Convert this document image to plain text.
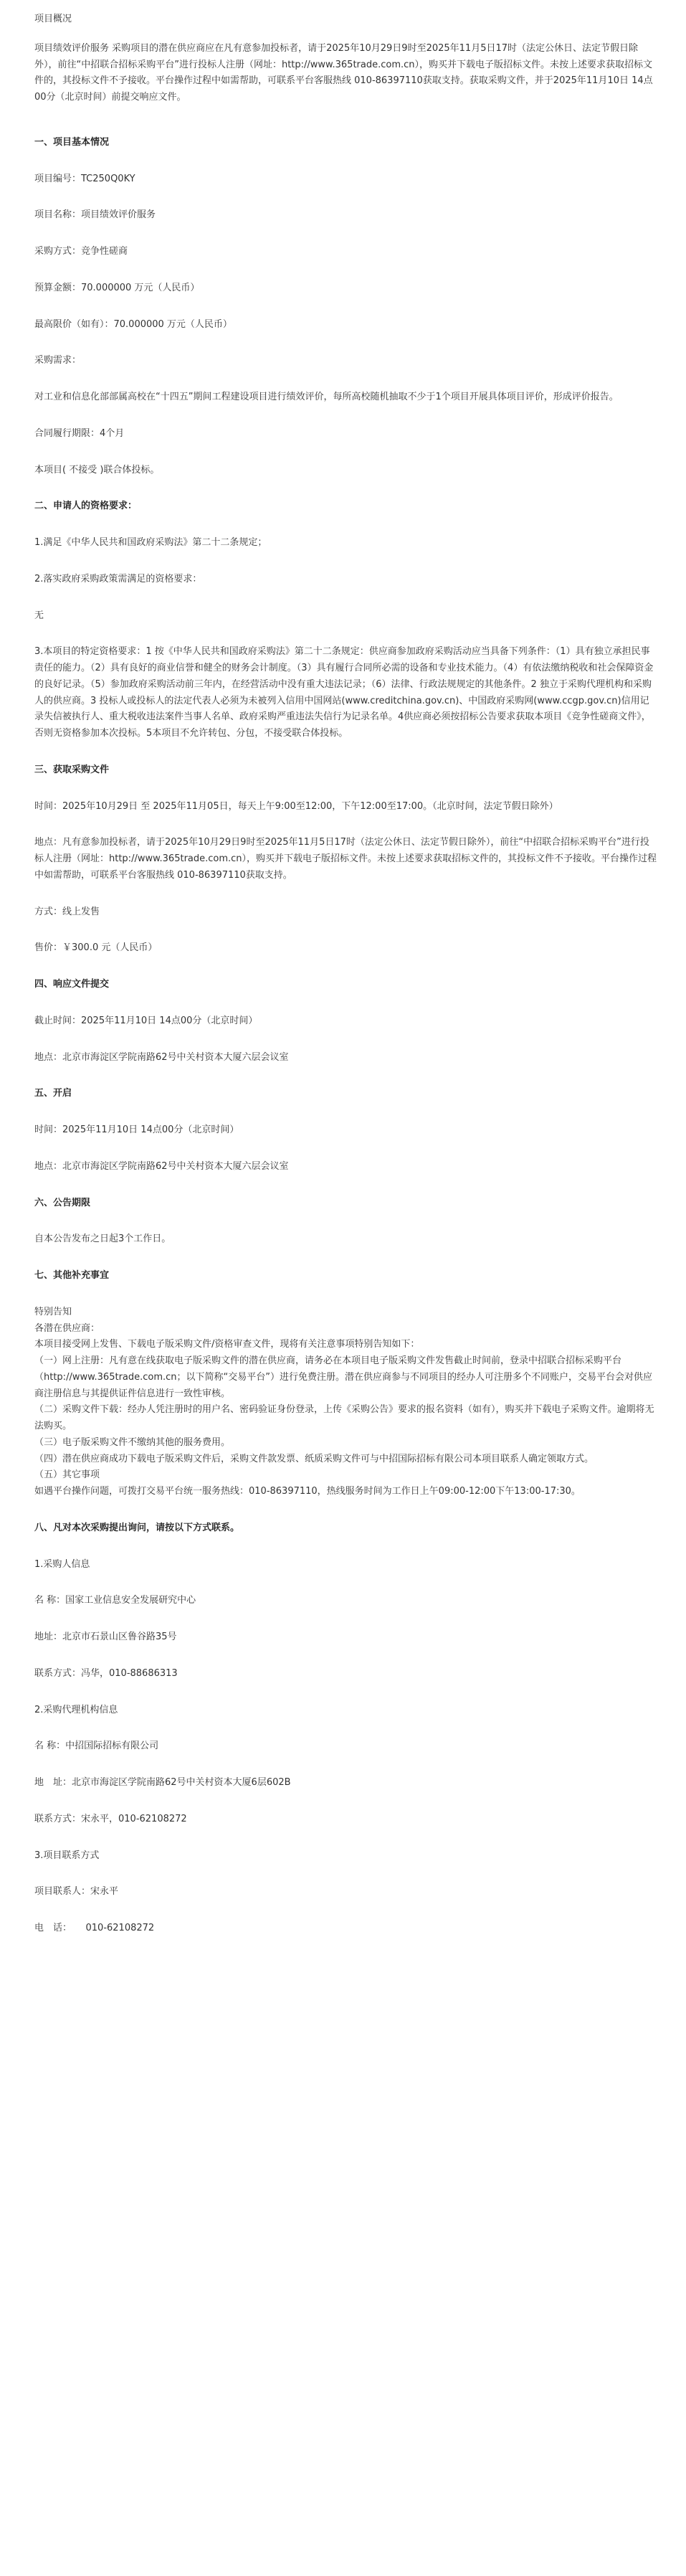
项目概况

项目绩效评价服务 采购项目的潜在供应商应在凡有意参加投标者，请于2025年10月29日9时至2025年11月5日17时（法定公休日、法定节假日除外），前往“中招联合招标采购平台”进行投标人注册（网址：http://www.365trade.com.cn），购买并下载电子版招标文件。未按上述要求获取招标文件的，其投标文件不予接收。平台操作过程中如需帮助，可联系平台客服热线 010-86397110获取支持。获取采购文件，并于2025年11月10日 14点00分（北京时间）前提交响应文件。

一、项目基本情况

项目编号：TC250Q0KY

项目名称：项目绩效评价服务

采购方式：竞争性磋商

预算金额：70.000000 万元（人民币）

最高限价（如有）：70.000000 万元（人民币）

采购需求：

对工业和信息化部部属高校在“十四五”期间工程建设项目进行绩效评价，每所高校随机抽取不少于1个项目开展具体项目评价，形成评价报告。

合同履行期限：4个月

本项目( 不接受 )联合体投标。

二、申请人的资格要求：

1.满足《中华人民共和国政府采购法》第二十二条规定；

2.落实政府采购政策需满足的资格要求：

无

3.本项目的特定资格要求：1 按《中华人民共和国政府采购法》第二十二条规定：供应商参加政府采购活动应当具备下列条件：（1）具有独立承担民事责任的能力。（2）具有良好的商业信誉和健全的财务会计制度。（3）具有履行合同所必需的设备和专业技术能力。（4）有依法缴纳税收和社会保障资金的良好记录。（5）参加政府采购活动前三年内，在经营活动中没有重大违法记录；（6）法律、行政法规规定的其他条件。2 独立于采购代理机构和采购人的供应商。3 投标人或投标人的法定代表人必须为未被列入信用中国网站(www.creditchina.gov.cn)、中国政府采购网(www.ccgp.gov.cn)信用记录失信被执行人、重大税收违法案件当事人名单、政府采购严重违法失信行为记录名单。4供应商必须按招标公告要求获取本项目《竞争性磋商文件》，否则无资格参加本次投标。5本项目不允许转包、分包，不接受联合体投标。

三、获取采购文件

时间：2025年10月29日 至 2025年11月05日，每天上午9:00至12:00，下午12:00至17:00。（北京时间，法定节假日除外）

地点：凡有意参加投标者，请于2025年10月29日9时至2025年11月5日17时（法定公休日、法定节假日除外），前往“中招联合招标采购平台”进行投标人注册（网址：http://www.365trade.com.cn），购买并下载电子版招标文件。未按上述要求获取招标文件的，其投标文件不予接收。平台操作过程中如需帮助，可联系平台客服热线 010-86397110获取支持。

方式：线上发售

售价：￥300.0 元（人民币）

四、响应文件提交

截止时间：2025年11月10日 14点00分（北京时间）

地点：北京市海淀区学院南路62号中关村资本大厦六层会议室

五、开启

时间：2025年11月10日 14点00分（北京时间）

地点：北京市海淀区学院南路62号中关村资本大厦六层会议室

六、公告期限

自本公告发布之日起3个工作日。

七、其他补充事宜

特别告知

各潜在供应商：

本项目接受网上发售、下载电子版采购文件/资格审查文件，现将有关注意事项特别告知如下：

（一）网上注册：凡有意在线获取电子版采购文件的潜在供应商，请务必在本项目电子版采购文件发售截止时间前，登录中招联合招标采购平台（http://www.365trade.com.cn；以下简称“交易平台”）进行免费注册。潜在供应商参与不同项目的经办人可注册多个不同账户，交易平台会对供应商注册信息与其提供证件信息进行一致性审核。

（二）采购文件下载：经办人凭注册时的用户名、密码验证身份登录，上传《采购公告》要求的报名资料（如有），购买并下载电子采购文件。逾期将无法购买。

（三）电子版采购文件不缴纳其他的服务费用。

（四）潜在供应商成功下载电子版采购文件后，采购文件款发票、纸质采购文件可与中招国际招标有限公司本项目联系人确定领取方式。

（五）其它事项

如遇平台操作问题，可拨打交易平台统一服务热线：010-86397110，热线服务时间为工作日上午09:00-12:00下午13:00-17:30。

八、凡对本次采购提出询问，请按以下方式联系。

1.采购人信息

名 称：国家工业信息安全发展研究中心

地址：北京市石景山区鲁谷路35号

联系方式：冯华，010-88686313

2.采购代理机构信息

名 称：中招国际招标有限公司

地　址：北京市海淀区学院南路62号中关村资本大厦6层602B

联系方式：宋永平，010-62108272

3.项目联系方式

项目联系人：宋永平

电　话：　　010-62108272
